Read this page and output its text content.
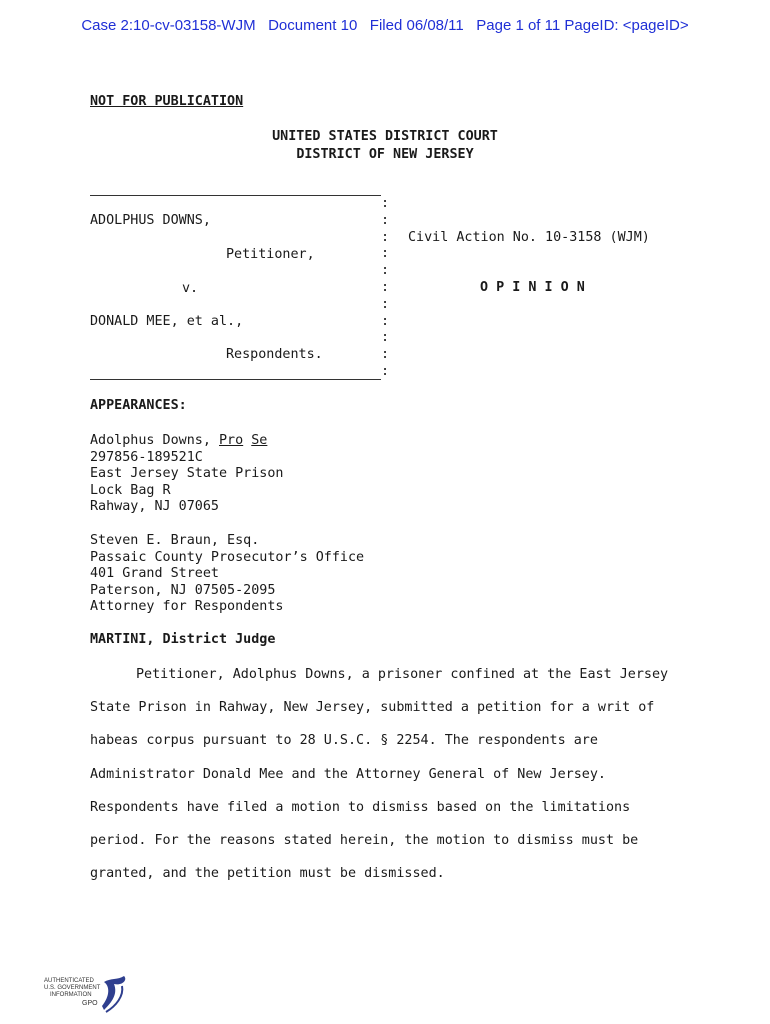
Case 2:10-cv-03158-WJM   Document 10   Filed 06/08/11   Page 1 of 11 PageID: <pageID>
NOT FOR PUBLICATION
UNITED STATES DISTRICT COURT
DISTRICT OF NEW JERSEY
ADOLPHUS DOWNS,
Petitioner,
v.
DONALD MEE, et al.,
Respondents.
:
:
:
:
:
:
:
:
:
:
:
Civil Action No. 10-3158 (WJM)
O P I N I O N
APPEARANCES:
Adolphus Downs, Pro Se
297856-189521C
East Jersey State Prison
Lock Bag R
Rahway, NJ 07065
Steven E. Braun, Esq.
Passaic County Prosecutor’s Office
401 Grand Street
Paterson, NJ 07505-2095
Attorney for Respondents
MARTINI, District Judge

Petitioner, Adolphus Downs, a prisoner confined at the East Jersey State Prison in Rahway, New Jersey, submitted a petition for a writ of habeas corpus pursuant to 28 U.S.C. § 2254. The respondents are Administrator Donald Mee and the Attorney General of New Jersey. Respondents have filed a motion to dismiss based on the limitations period. For the reasons stated herein, the motion to dismiss must be granted, and the petition must be dismissed.

AUTHENTICATED
U.S. GOVERNMENT
INFORMATION
GPO
